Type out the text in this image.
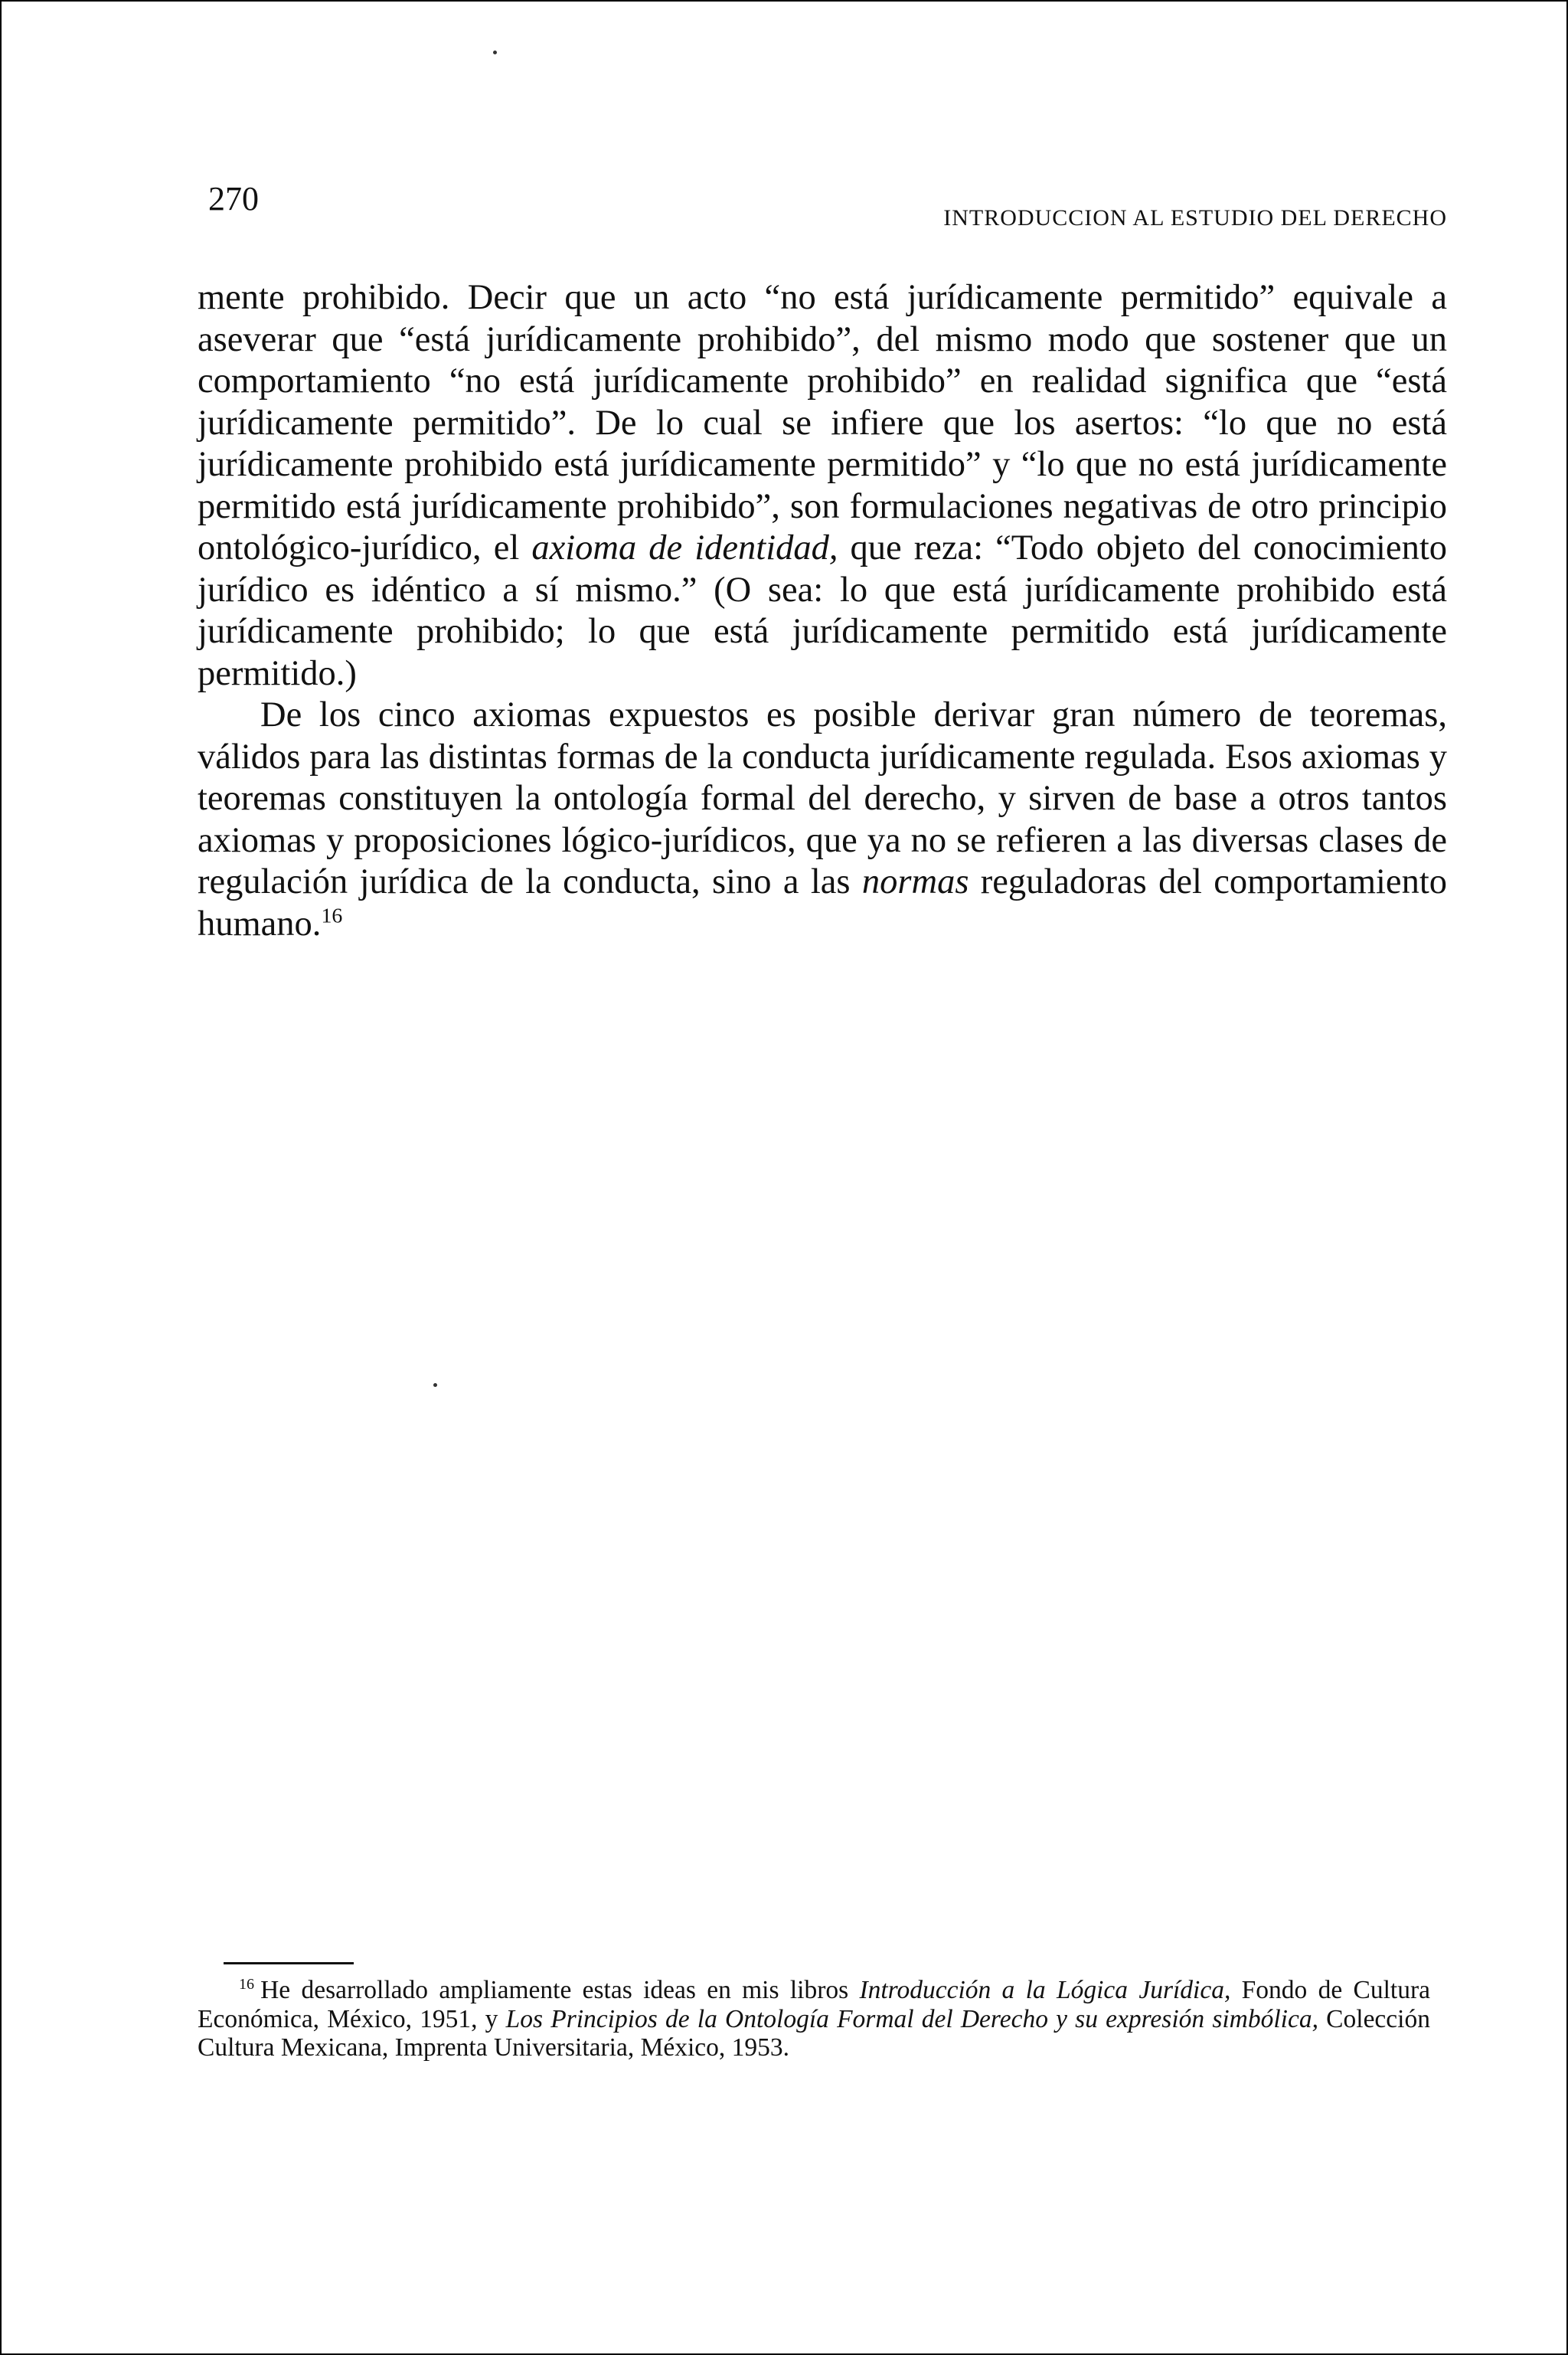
270
INTRODUCCION AL ESTUDIO DEL DERECHO

mente prohibido. Decir que un acto “no está jurídicamente permitido” equivale a aseverar que “está jurídicamente prohibido”, del mismo modo que sostener que un comportamiento “no está jurídicamente prohibido” en realidad significa que “está jurídicamente permitido”. De lo cual se infiere que los asertos: “lo que no está jurídicamente prohibido está jurídicamente permitido” y “lo que no está jurídicamente permitido está jurídicamente prohibido”, son formulaciones negativas de otro principio ontológico-jurídico, el axioma de identidad, que reza: “Todo objeto del conocimiento jurídico es idéntico a sí mismo.” (O sea: lo que está jurídicamente prohibido está jurídicamente prohibido; lo que está jurídicamente permitido está jurídicamente permitido.)

De los cinco axiomas expuestos es posible derivar gran número de teoremas, válidos para las distintas formas de la conducta jurídicamente regulada. Esos axiomas y teoremas constituyen la ontología formal del derecho, y sirven de base a otros tantos axiomas y proposiciones lógico-jurídicos, que ya no se refieren a las diversas clases de regulación jurídica de la conducta, sino a las normas reguladoras del comportamiento humano.$^{16}$

$^{16}$ He desarrollado ampliamente estas ideas en mis libros Introducción a la Lógica Jurídica, Fondo de Cultura Económica, México, 1951, y Los Principios de la Ontología Formal del Derecho y su expresión simbólica, Colección Cultura Mexicana, Imprenta Universitaria, México, 1953.
